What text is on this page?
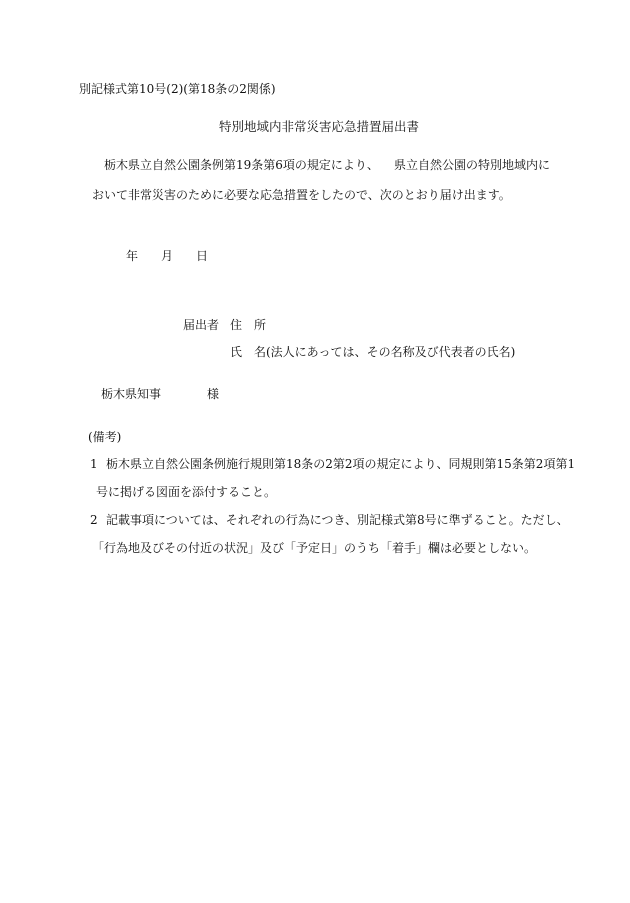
別記様式第10号(2)(第18条の2関係)
特別地域内非常災害応急措置届出書
栃木県立自然公園条例第19条第6項の規定により、 県立自然公園の特別地域内に
おいて非常災害のために必要な応急措置をしたので、次のとおり届け出ます。
年 月 日
届出者 住　所
氏　名(法人にあっては、その名称及び代表者の氏名)
栃木県知事	様
(備考)
1 栃木県立自然公園条例施行規則第18条の2第2項の規定により、同規則第15条第2項第1
号に掲げる図面を添付すること。
2 記載事項については、それぞれの行為につき、別記様式第8号に準ずること。ただし、
「行為地及びその付近の状況」及び「予定日」のうち「着手」欄は必要としない。
